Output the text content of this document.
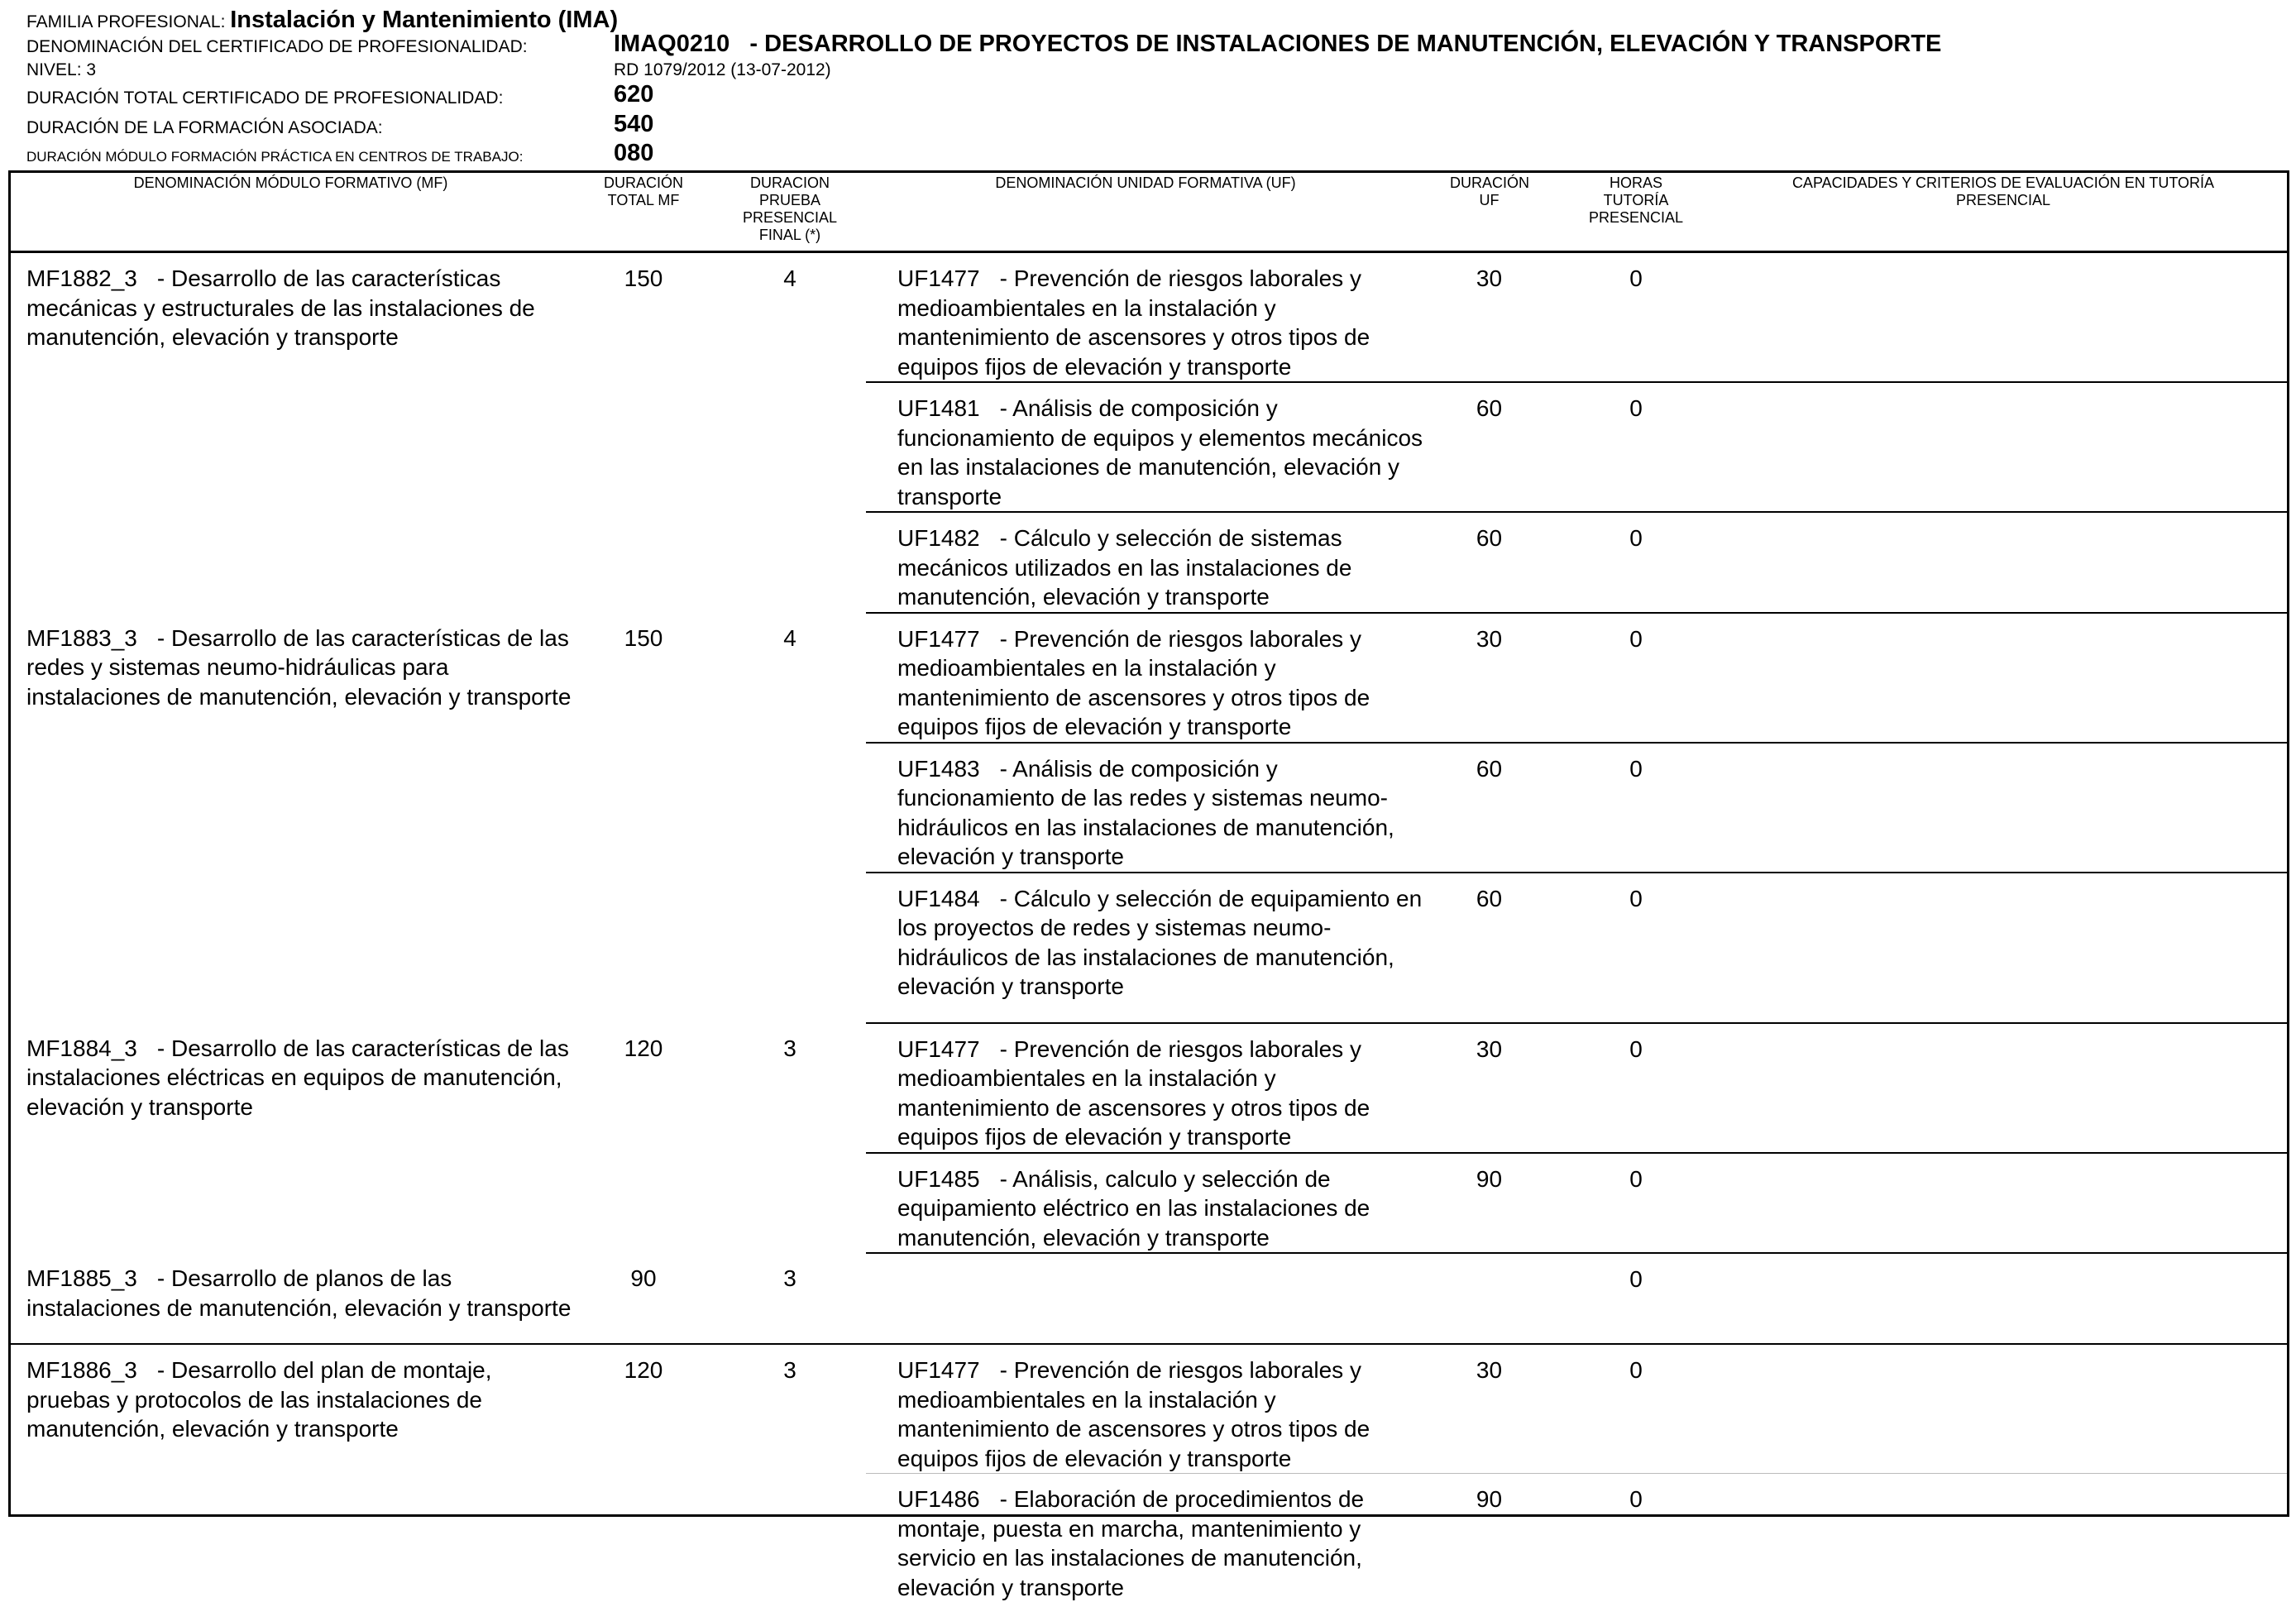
FAMILIA PROFESIONAL: Instalación y Mantenimiento (IMA)
DENOMINACIÓN DEL CERTIFICADO DE PROFESIONALIDAD:	IMAQ0210 - DESARROLLO DE PROYECTOS DE INSTALACIONES DE MANUTENCIÓN, ELEVACIÓN Y TRANSPORTE
NIVEL: 3	RD 1079/2012 (13-07-2012)
DURACIÓN TOTAL CERTIFICADO DE PROFESIONALIDAD:	620
DURACIÓN DE LA FORMACIÓN ASOCIADA:	540
DURACIÓN MÓDULO FORMACIÓN PRÁCTICA EN CENTROS DE TRABAJO:	080
DENOMINACIÓN MÓDULO FORMATIVO (MF)	DURACIÓN TOTAL MF	DURACION PRUEBA PRESENCIAL FINAL (*)	DENOMINACIÓN UNIDAD FORMATIVA (UF)	DURACIÓN UF	HORAS TUTORÍA PRESENCIAL	CAPACIDADES Y CRITERIOS DE EVALUACIÓN EN TUTORÍA PRESENCIAL
MF1882_3 - Desarrollo de las características mecánicas y estructurales de las instalaciones de manutención, elevación y transporte	150	4	UF1477 - Prevención de riesgos laborales y medioambientales en la instalación y mantenimiento de ascensores y otros tipos de equipos fijos de elevación y transporte	30	0	
			UF1481 - Análisis de composición y funcionamiento de equipos y elementos mecánicos en las instalaciones de manutención, elevación y transporte	60	0	
			UF1482 - Cálculo y selección de sistemas mecánicos utilizados en las instalaciones de manutención, elevación y transporte	60	0	
MF1883_3 - Desarrollo de las características de las redes y sistemas neumo-hidráulicas para instalaciones de manutención, elevación y transporte	150	4	UF1477 - Prevención de riesgos laborales y medioambientales en la instalación y mantenimiento de ascensores y otros tipos de equipos fijos de elevación y transporte	30	0	
			UF1483 - Análisis de composición y funcionamiento de las redes y sistemas neumo-hidráulicos en las instalaciones de manutención, elevación y transporte	60	0	
			UF1484 - Cálculo y selección de equipamiento en los proyectos de redes y sistemas neumo-hidráulicos de las instalaciones de manutención, elevación y transporte	60	0	
MF1884_3 - Desarrollo de las características de las instalaciones eléctricas en equipos de manutención, elevación y transporte	120	3	UF1477 - Prevención de riesgos laborales y medioambientales en la instalación y mantenimiento de ascensores y otros tipos de equipos fijos de elevación y transporte	30	0	
			UF1485 - Análisis, calculo y selección de equipamiento eléctrico en las instalaciones de manutención, elevación y transporte	90	0	
MF1885_3 - Desarrollo de planos de las instalaciones de manutención, elevación y transporte	90	3			0	
MF1886_3 - Desarrollo del plan de montaje, pruebas y protocolos de las instalaciones de manutención, elevación y transporte	120	3	UF1477 - Prevención de riesgos laborales y medioambientales en la instalación y mantenimiento de ascensores y otros tipos de equipos fijos de elevación y transporte	30	0	
			UF1486 - Elaboración de procedimientos de montaje, puesta en marcha, mantenimiento y servicio en las instalaciones de manutención, elevación y transporte	90	0	
